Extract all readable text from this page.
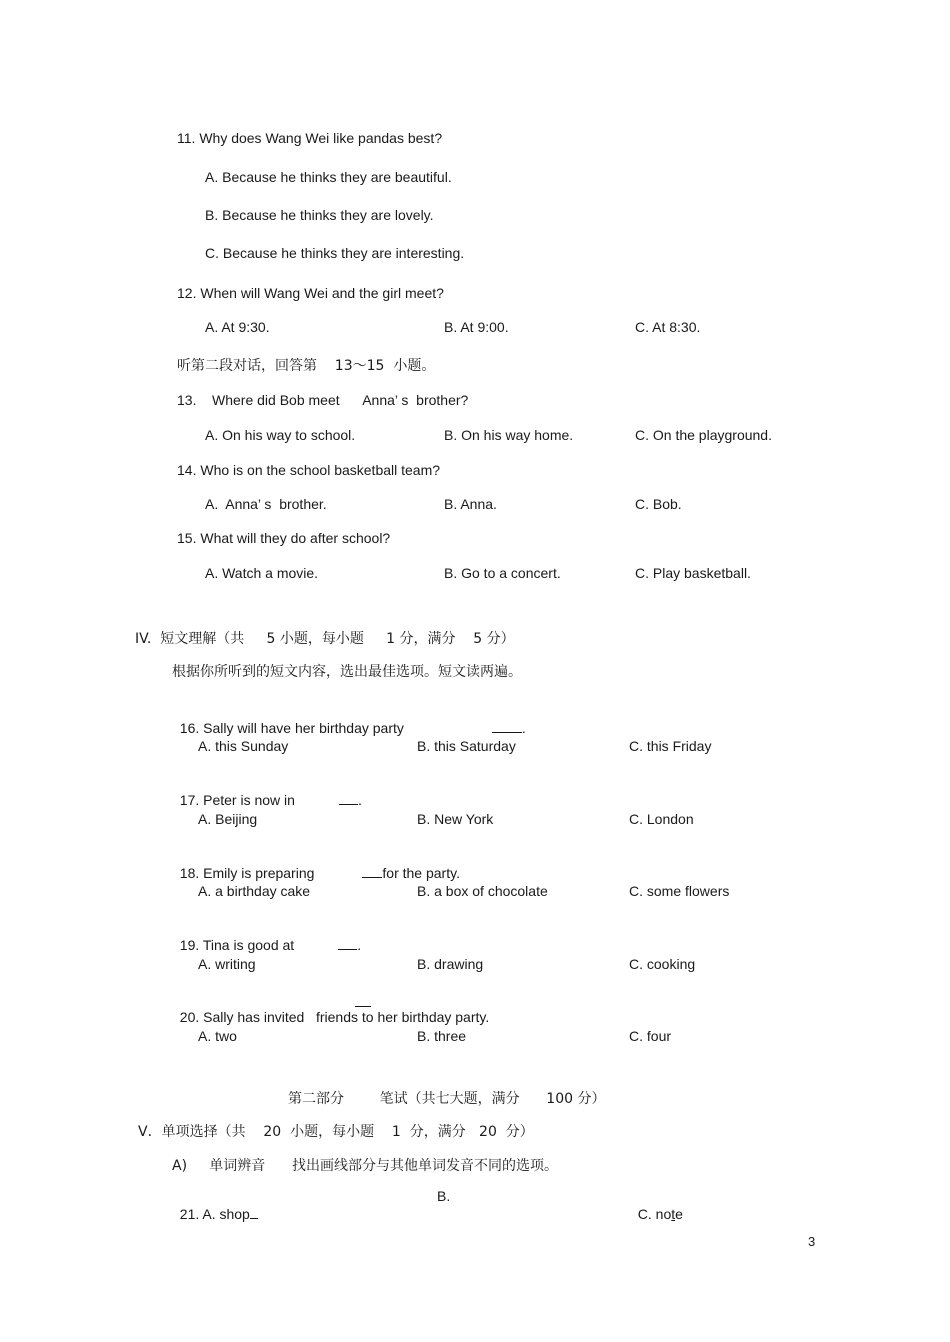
11. Why does Wang Wei like pandas best?
A. Because he thinks they are beautiful.
B. Because he thinks they are lovely.
C. Because he thinks they are interesting.
12. When will Wang Wei and the girl meet?
A. At 9:30.	B. At 9:00.	C. At 8:30.
听第二段对话，回答第    13～15  小题。
13.    Where did Bob meet      Anna’ s  brother?
A. On his way to school.	B. On his way home.	C. On the playground.
14. Who is on the school basketball team?
A.  Anna’ s  brother.	B. Anna.	C. Bob.
15. What will they do after school?
A. Watch a movie.	B. Go to a concert.	C. Play basketball.
IV.  短文理解（共     5 小题，每小题     1 分，满分    5 分）
根据你所听到的短文内容，选出最佳选项。短文读两遍。

16. Sally will have her birthday party	.

A. this Sunday	B. this Saturday	C. this Friday

17. Peter is now in	.

A. Beijing	B. New York	C. London

18. Emily is preparing	for the party.

A. a birthday cake	B. a box of chocolate	C. some flowers

19. Tina is good at	.

A. writing	B. drawing	C. cooking

20. Sally has invited   friends to her birthday party.

A. two	B. three	C. four
第二部分        笔试（共七大题，满分      100 分）
V．单项选择（共    20  小题，每小题    1  分，满分   20  分）
A)     单词辨音      找出画线部分与其他单词发音不同的选项。

21. A. shop

B.

C. note

3
